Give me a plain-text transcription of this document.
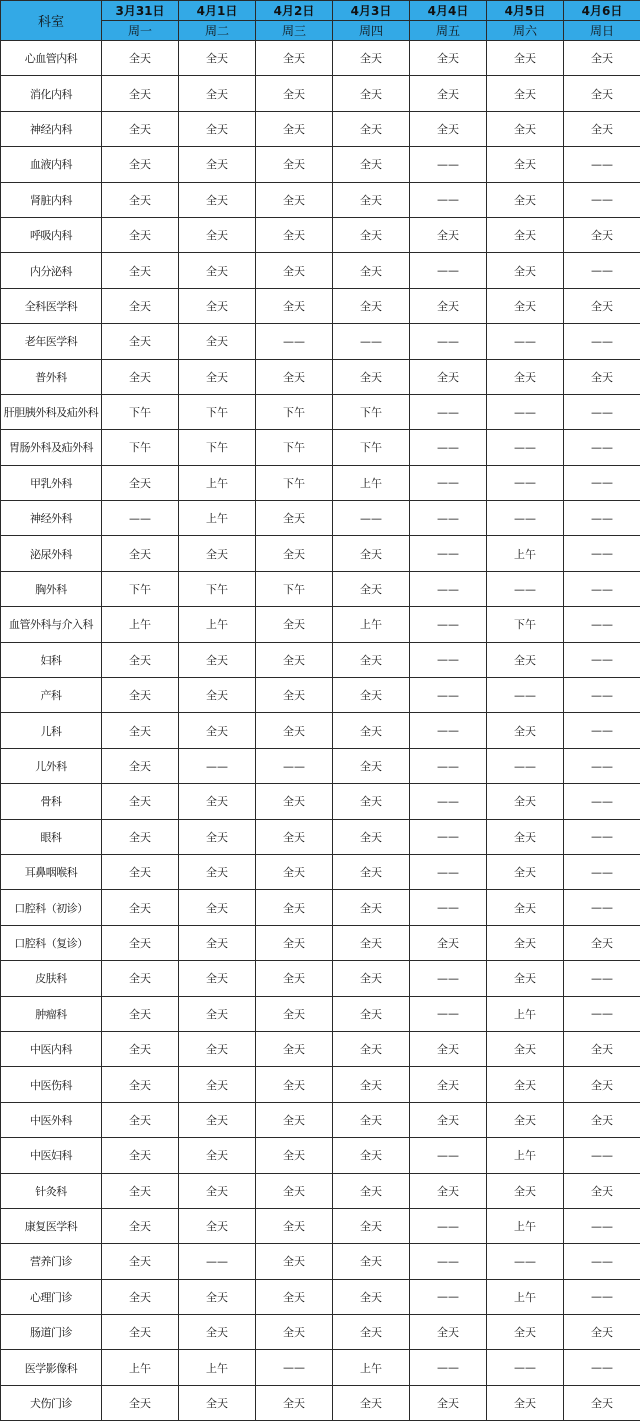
科室	3月31日	4月1日	4月2日	4月3日	4月4日	4月5日	4月6日
	周一	周二	周三	周四	周五	周六	周日
心血管内科	全天	全天	全天	全天	全天	全天	全天
消化内科	全天	全天	全天	全天	全天	全天	全天
神经内科	全天	全天	全天	全天	全天	全天	全天
血液内科	全天	全天	全天	全天	——	全天	——
肾脏内科	全天	全天	全天	全天	——	全天	——
呼吸内科	全天	全天	全天	全天	全天	全天	全天
内分泌科	全天	全天	全天	全天	——	全天	——
全科医学科	全天	全天	全天	全天	全天	全天	全天
老年医学科	全天	全天	——	——	——	——	——
普外科	全天	全天	全天	全天	全天	全天	全天
肝胆胰外科及疝外科	下午	下午	下午	下午	——	——	——
胃肠外科及疝外科	下午	下午	下午	下午	——	——	——
甲乳外科	全天	上午	下午	上午	——	——	——
神经外科	——	上午	全天	——	——	——	——
泌尿外科	全天	全天	全天	全天	——	上午	——
胸外科	下午	下午	下午	全天	——	——	——
血管外科与介入科	上午	上午	全天	上午	——	下午	——
妇科	全天	全天	全天	全天	——	全天	——
产科	全天	全天	全天	全天	——	——	——
儿科	全天	全天	全天	全天	——	全天	——
儿外科	全天	——	——	全天	——	——	——
骨科	全天	全天	全天	全天	——	全天	——
眼科	全天	全天	全天	全天	——	全天	——
耳鼻咽喉科	全天	全天	全天	全天	——	全天	——
口腔科（初诊）	全天	全天	全天	全天	——	全天	——
口腔科（复诊）	全天	全天	全天	全天	全天	全天	全天
皮肤科	全天	全天	全天	全天	——	全天	——
肿瘤科	全天	全天	全天	全天	——	上午	——
中医内科	全天	全天	全天	全天	全天	全天	全天
中医伤科	全天	全天	全天	全天	全天	全天	全天
中医外科	全天	全天	全天	全天	全天	全天	全天
中医妇科	全天	全天	全天	全天	——	上午	——
针灸科	全天	全天	全天	全天	全天	全天	全天
康复医学科	全天	全天	全天	全天	——	上午	——
营养门诊	全天	——	全天	全天	——	——	——
心理门诊	全天	全天	全天	全天	——	上午	——
肠道门诊	全天	全天	全天	全天	全天	全天	全天
医学影像科	上午	上午	——	上午	——	——	——
犬伤门诊	全天	全天	全天	全天	全天	全天	全天
